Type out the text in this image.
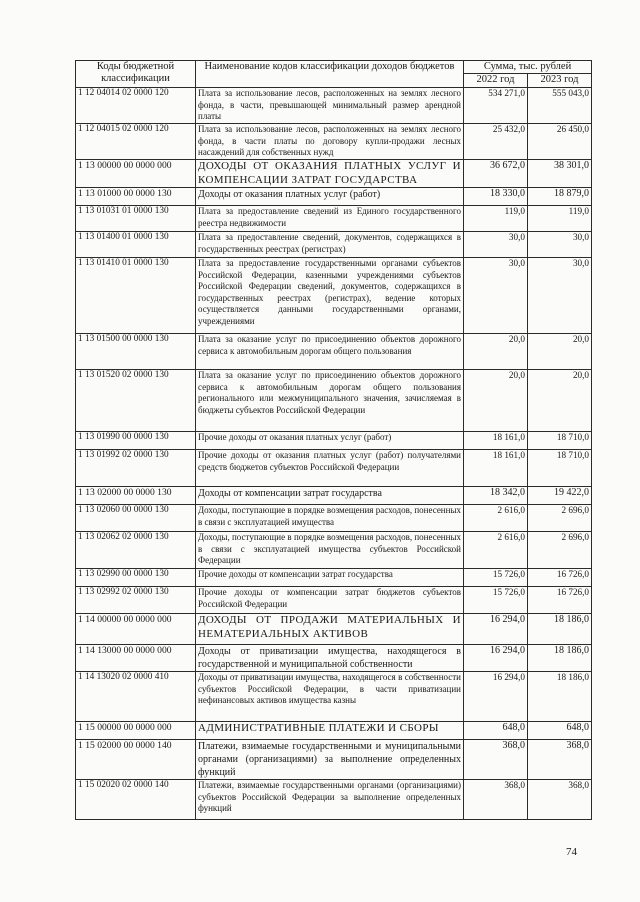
Коды бюджетной классификации	Наименование кодов классификации доходов бюджетов	Сумма, тыс. рублей	
		2022 год	2023 год
1 12 04014 02 0000 120	Плата за использование лесов, расположенных на землях лесного фонда, в части, превышающей минимальный размер арендной платы	534 271,0	555 043,0
1 12 04015 02 0000 120	Плата за использование лесов, расположенных на землях лесного фонда, в части платы по договору купли-продажи лесных насаждений для собственных нужд	25 432,0	26 450,0
1 13 00000 00 0000 000	ДОХОДЫ ОТ ОКАЗАНИЯ ПЛАТНЫХ УСЛУГ И КОМПЕНСАЦИИ ЗАТРАТ ГОСУДАРСТВА	36 672,0	38 301,0
1 13 01000 00 0000 130	Доходы от оказания платных услуг (работ)	18 330,0	18 879,0
1 13 01031 01 0000 130	Плата за предоставление сведений из Единого государственного реестра недвижимости	119,0	119,0
1 13 01400 01 0000 130	Плата за предоставление сведений, документов, содержащихся в государственных реестрах (регистрах)	30,0	30,0
1 13 01410 01 0000 130	Плата за предоставление государственными органами субъектов Российской Федерации, казенными учреждениями субъектов Российской Федерации сведений, документов, содержащихся в государственных реестрах (регистрах), ведение которых осуществляется данными государственными органами, учреждениями	30,0	30,0
1 13 01500 00 0000 130	Плата за оказание услуг по присоединению объектов дорожного сервиса к автомобильным дорогам общего пользования	20,0	20,0
1 13 01520 02 0000 130	Плата за оказание услуг по присоединению объектов дорожного сервиса к автомобильным дорогам общего пользования регионального или межмуниципального значения, зачисляемая в бюджеты субъектов Российской Федерации	20,0	20,0
1 13 01990 00 0000 130	Прочие доходы от оказания платных услуг (работ)	18 161,0	18 710,0
1 13 01992 02 0000 130	Прочие доходы от оказания платных услуг (работ) получателями средств бюджетов субъектов Российской Федерации	18 161,0	18 710,0
1 13 02000 00 0000 130	Доходы от компенсации затрат государства	18 342,0	19 422,0
1 13 02060 00 0000 130	Доходы, поступающие в порядке возмещения расходов, понесенных в связи с эксплуатацией имущества	2 616,0	2 696,0
1 13 02062 02 0000 130	Доходы, поступающие в порядке возмещения расходов, понесенных в связи с эксплуатацией имущества субъектов Российской Федерации	2 616,0	2 696,0
1 13 02990 00 0000 130	Прочие доходы от компенсации затрат государства	15 726,0	16 726,0
1 13 02992 02 0000 130	Прочие доходы от компенсации затрат бюджетов субъектов Российской Федерации	15 726,0	16 726,0
1 14 00000 00 0000 000	ДОХОДЫ ОТ ПРОДАЖИ МАТЕРИАЛЬНЫХ И НЕМАТЕРИАЛЬНЫХ АКТИВОВ	16 294,0	18 186,0
1 14 13000 00 0000 000	Доходы от приватизации имущества, находящегося в государственной и муниципальной собственности	16 294,0	18 186,0
1 14 13020 02 0000 410	Доходы от приватизации имущества, находящегося в собственности субъектов Российской Федерации, в части приватизации нефинансовых активов имущества казны	16 294,0	18 186,0
1 15 00000 00 0000 000	АДМИНИСТРАТИВНЫЕ ПЛАТЕЖИ И СБОРЫ	648,0	648,0
1 15 02000 00 0000 140	Платежи, взимаемые государственными и муниципальными органами (организациями) за выполнение определенных функций	368,0	368,0
1 15 02020 02 0000 140	Платежи, взимаемые государственными органами (организациями) субъектов Российской Федерации за выполнение определенных функций	368,0	368,0
74
